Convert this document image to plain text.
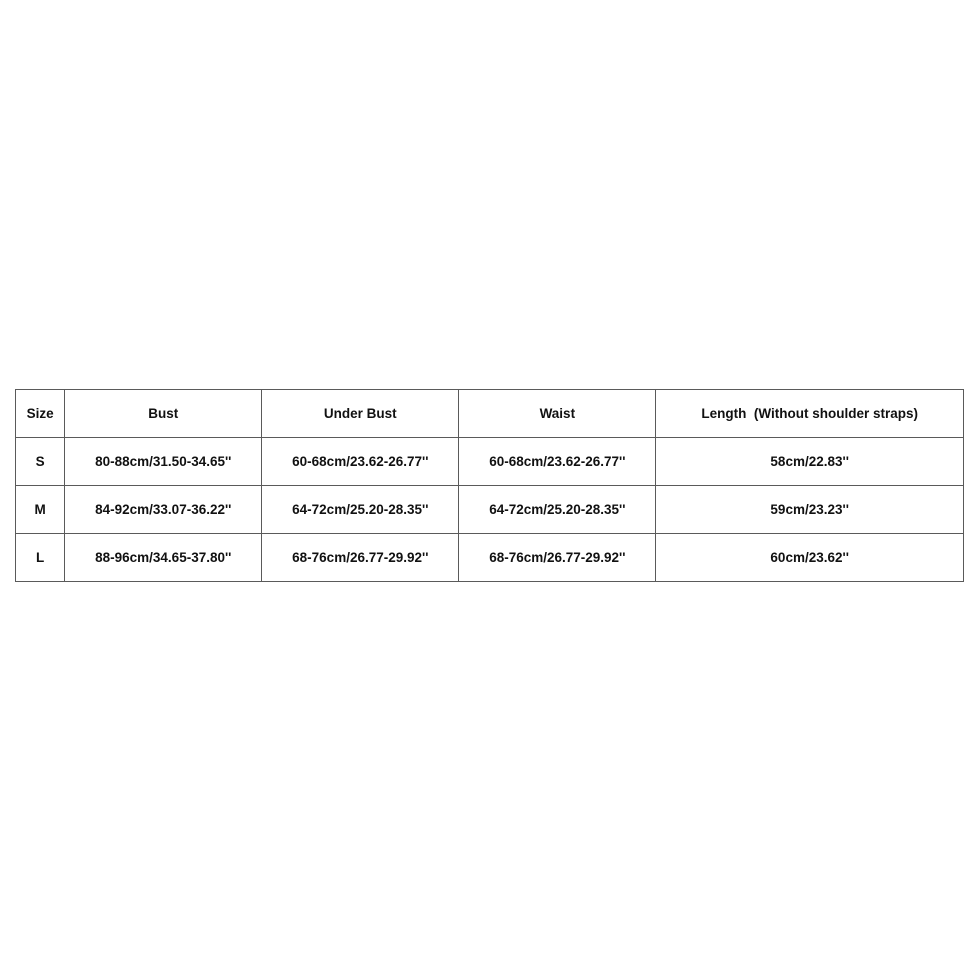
Size	Bust	Under Bust	Waist	Length  (Without shoulder straps)
S	80-88cm/31.50-34.65''	60-68cm/23.62-26.77''	60-68cm/23.62-26.77''	58cm/22.83''
M	84-92cm/33.07-36.22''	64-72cm/25.20-28.35''	64-72cm/25.20-28.35''	59cm/23.23''
L	88-96cm/34.65-37.80''	68-76cm/26.77-29.92''	68-76cm/26.77-29.92''	60cm/23.62''
